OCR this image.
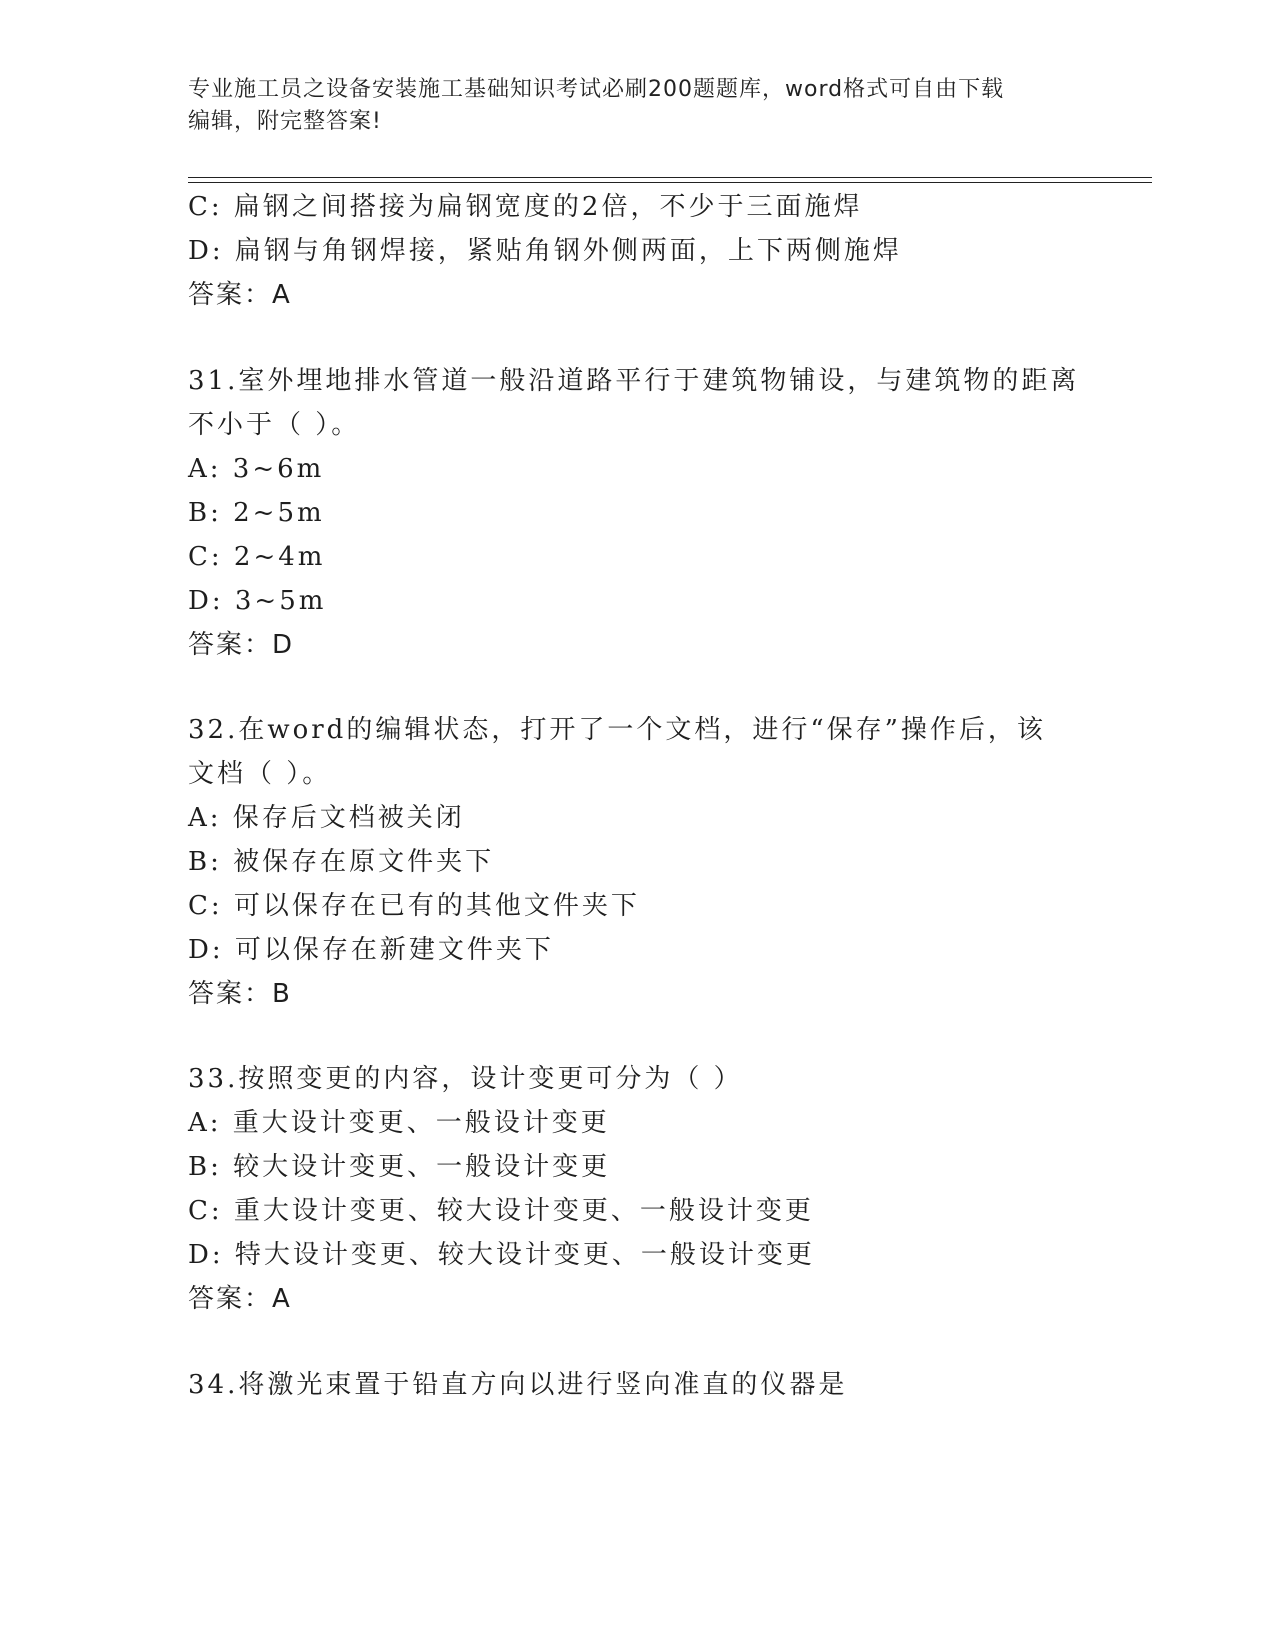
专业施工员之设备安装施工基础知识考试必刷200题题库，word格式可自由下载
编辑，附完整答案!
C: 扁钢之间搭接为扁钢宽度的2倍，不少于三面施焊
D: 扁钢与角钢焊接，紧贴角钢外侧两面，上下两侧施焊
答案：A
31.室外埋地排水管道一般沿道路平行于建筑物铺设，与建筑物的距离
不小于（ ）。
A: 3~6m
B: 2~5m
C: 2~4m
D: 3~5m
答案：D
32.在word的编辑状态，打开了一个文档，进行“保存”操作后，该
文档（ ）。
A: 保存后文档被关闭
B: 被保存在原文件夹下
C: 可以保存在已有的其他文件夹下
D: 可以保存在新建文件夹下
答案：B
33.按照变更的内容，设计变更可分为（ ）
A: 重大设计变更、一般设计变更
B: 较大设计变更、一般设计变更
C: 重大设计变更、较大设计变更、一般设计变更
D: 特大设计变更、较大设计变更、一般设计变更
答案：A
34.将激光束置于铅直方向以进行竖向准直的仪器是
